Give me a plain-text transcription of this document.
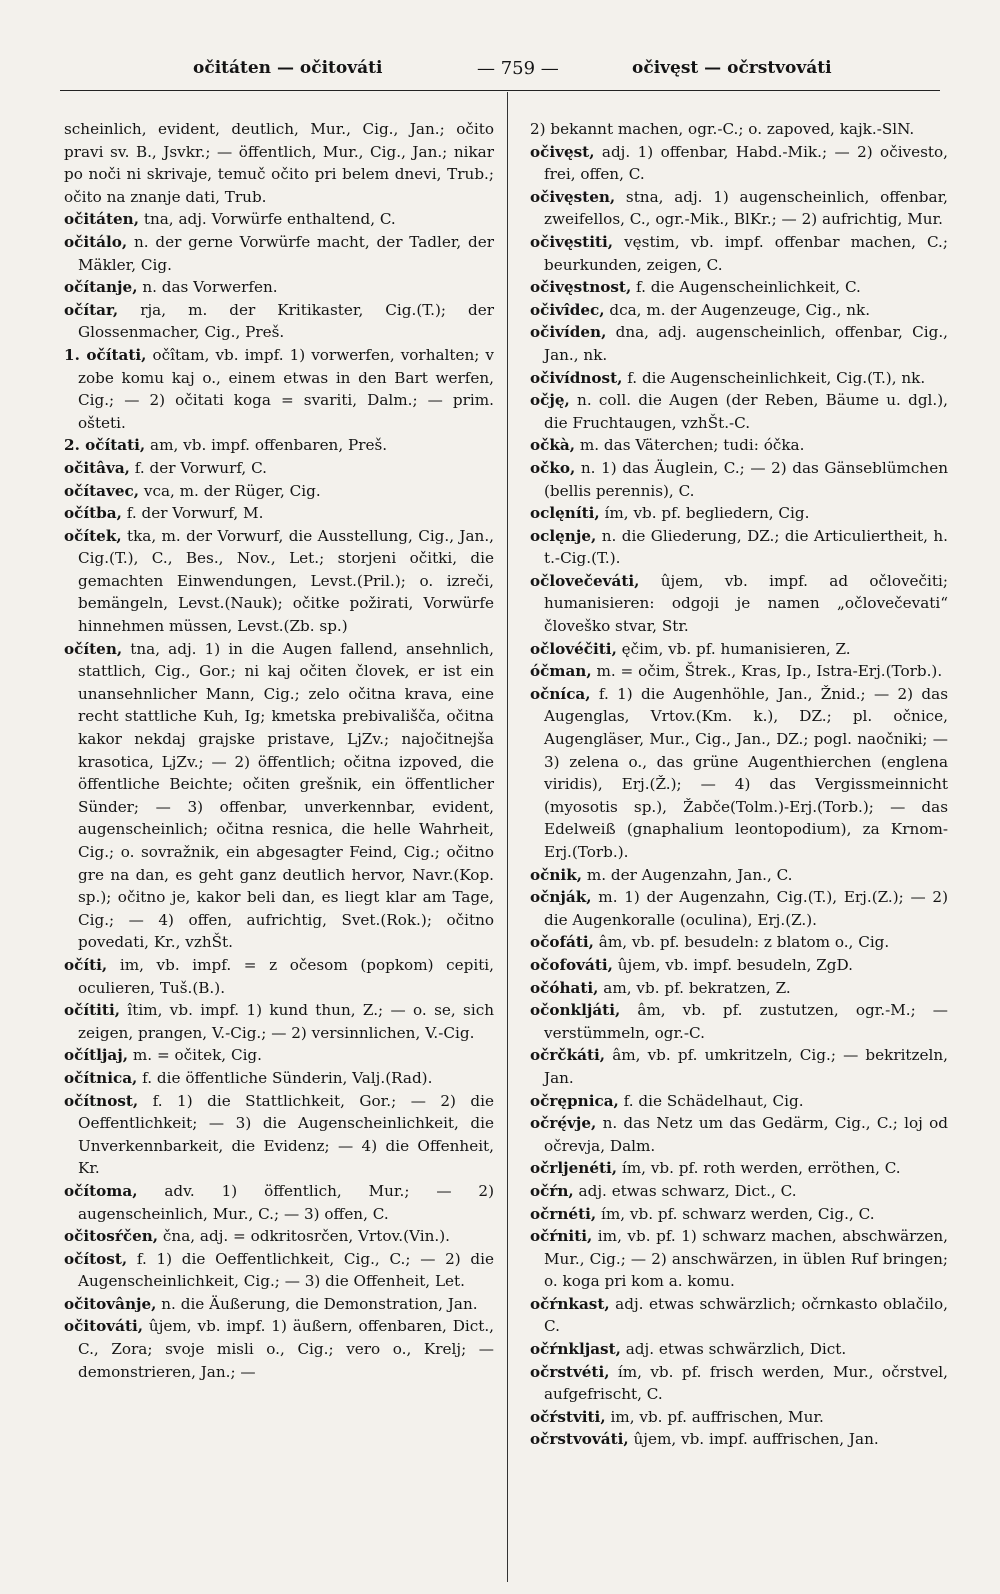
očitáten — očitováti	— 759 —	očivęst — očrstvováti
scheinlich, evident, deutlich, Mur., Cig., Jan.; očito pravi sv. B., Jsvkr.; — öffentlich, Mur., Cig., Jan.; nikar po noči ni skrivaje, temuč očito pri belem dnevi, Trub.; očito na znanje dati, Trub.
očitáten, tna, adj. Vorwürfe enthaltend, C.
očitálo, n. der gerne Vorwürfe macht, der Tadler, der Mäkler, Cig.
očítanje, n. das Vorwerfen.
očítar, rja, m. der Kritikaster, Cig.(T.); der Glossenmacher, Cig., Preš.
1. očítati, očîtam, vb. impf. 1) vorwerfen, vorhalten; v zobe komu kaj o., einem etwas in den Bart werfen, Cig.; — 2) očitati koga = svariti, Dalm.; — prim. ošteti.
2. očítati, am, vb. impf. offenbaren, Preš.
očitâva, f. der Vorwurf, C.
očítavec, vca, m. der Rüger, Cig.
očítba, f. der Vorwurf, M.
očítek, tka, m. der Vorwurf, die Ausstellung, Cig., Jan., Cig.(T.), C., Bes., Nov., Let.; storjeni očitki, die gemachten Einwendungen, Levst.(Pril.); o. izreči, bemängeln, Levst.(Nauk); očitke požirati, Vorwürfe hinnehmen müssen, Levst.(Zb. sp.)
očíten, tna, adj. 1) in die Augen fallend, ansehnlich, stattlich, Cig., Gor.; ni kaj očiten človek, er ist ein unansehnlicher Mann, Cig.; zelo očitna krava, eine recht stattliche Kuh, Ig; kmetska prebivališča, očitna kakor nekdaj grajske pristave, LjZv.; najočitnejša krasotica, LjZv.; — 2) öffentlich; očitna izpoved, die öffentliche Beichte; očiten grešnik, ein öffentlicher Sünder; — 3) offenbar, unverkennbar, evident, augenscheinlich; očitna resnica, die helle Wahrheit, Cig.; o. sovražnik, ein abgesagter Feind, Cig.; očitno gre na dan, es geht ganz deutlich hervor, Navr.(Kop. sp.); očitno je, kakor beli dan, es liegt klar am Tage, Cig.; — 4) offen, aufrichtig, Svet.(Rok.); očitno povedati, Kr., vzhŠt.
očíti, im, vb. impf. = z očesom (popkom) cepiti, oculieren, Tuš.(B.).
očítiti, îtim, vb. impf. 1) kund thun, Z.; — o. se, sich zeigen, prangen, V.-Cig.; — 2) versinnlichen, V.-Cig.
očítljaj, m. = očitek, Cig.
očítnica, f. die öffentliche Sünderin, Valj.(Rad).
očítnost, f. 1) die Stattlichkeit, Gor.; — 2) die Oeffentlichkeit; — 3) die Augenscheinlichkeit, die Unverkennbarkeit, die Evidenz; — 4) die Offenheit, Kr.
očítoma, adv. 1) öffentlich, Mur.; — 2) augenscheinlich, Mur., C.; — 3) offen, C.
očitosŕčen, čna, adj. = odkritosrčen, Vrtov.(Vin.).
očítost, f. 1) die Oeffentlichkeit, Cig., C.; — 2) die Augenscheinlichkeit, Cig.; — 3) die Offenheit, Let.
očitovânje, n. die Äußerung, die Demonstration, Jan.
očitováti, ûjem, vb. impf. 1) äußern, offenbaren, Dict., C., Zora; svoje misli o., Cig.; vero o., Krelj; — demonstrieren, Jan.; —
2) bekannt machen, ogr.-C.; o. zapoved, kajk.-SlN.
očivęst, adj. 1) offenbar, Habd.-Mik.; — 2) očivesto, frei, offen, C.
očivęsten, stna, adj. 1) augenscheinlich, offenbar, zweifellos, C., ogr.-Mik., BlKr.; — 2) aufrichtig, Mur.
očivęstiti, vęstim, vb. impf. offenbar machen, C.; beurkunden, zeigen, C.
očivęstnost, f. die Augenscheinlichkeit, C.
očivîdec, dca, m. der Augenzeuge, Cig., nk.
očivíden, dna, adj. augenscheinlich, offenbar, Cig., Jan., nk.
očivídnost, f. die Augenscheinlichkeit, Cig.(T.), nk.
očję, n. coll. die Augen (der Reben, Bäume u. dgl.), die Fruchtaugen, vzhŠt.-C.
očkà, m. das Väterchen; tudi: óčka.
očko, n. 1) das Äuglein, C.; — 2) das Gänseblümchen (bellis perennis), C.
oclęníti, ím, vb. pf. begliedern, Cig.
oclęnje, n. die Gliederung, DZ.; die Articuliertheit, h. t.-Cig.(T.).
očlovečeváti, ûjem, vb. impf. ad očlovečiti; humanisieren: odgoji je namen „očlovečevati“ človeško stvar, Str.
očlovéčiti, ęčim, vb. pf. humanisieren, Z.
óčman, m. = očim, Štrek., Kras, Ip., Istra-Erj.(Torb.).
očníca, f. 1) die Augenhöhle, Jan., Žnid.; — 2) das Augenglas, Vrtov.(Km. k.), DZ.; pl. očnice, Augengläser, Mur., Cig., Jan., DZ.; pogl. naočniki; — 3) zelena o., das grüne Augenthierchen (englena viridis), Erj.(Ž.); — 4) das Vergissmeinnicht (myosotis sp.), Žabče(Tolm.)-Erj.(Torb.); — das Edelweiß (gnaphalium leontopodium), za Krnom-Erj.(Torb.).
očnik, m. der Augenzahn, Jan., C.
očnják, m. 1) der Augenzahn, Cig.(T.), Erj.(Z.); — 2) die Augenkoralle (oculina), Erj.(Z.).
očofáti, âm, vb. pf. besudeln: z blatom o., Cig.
očofováti, ûjem, vb. impf. besudeln, ZgD.
očóhati, am, vb. pf. bekratzen, Z.
očonkljáti, âm, vb. pf. zustutzen, ogr.-M.; — verstümmeln, ogr.-C.
očrčkáti, âm, vb. pf. umkritzeln, Cig.; — bekritzeln, Jan.
očrępnica, f. die Schädelhaut, Cig.
očrę́vje, n. das Netz um das Gedärm, Cig., C.; loj od očrevja, Dalm.
očrljenéti, ím, vb. pf. roth werden, erröthen, C.
očŕn, adj. etwas schwarz, Dict., C.
očrnéti, ím, vb. pf. schwarz werden, Cig., C.
očŕniti, im, vb. pf. 1) schwarz machen, abschwärzen, Mur., Cig.; — 2) anschwärzen, in üblen Ruf bringen; o. koga pri kom a. komu.
očŕnkast, adj. etwas schwärzlich; očrnkasto oblačilo, C.
očŕnkljast, adj. etwas schwärzlich, Dict.
očrstvéti, ím, vb. pf. frisch werden, Mur., očrstvel, aufgefrischt, C.
očŕstviti, im, vb. pf. auffrischen, Mur.
očrstvováti, ûjem, vb. impf. auffrischen, Jan.
